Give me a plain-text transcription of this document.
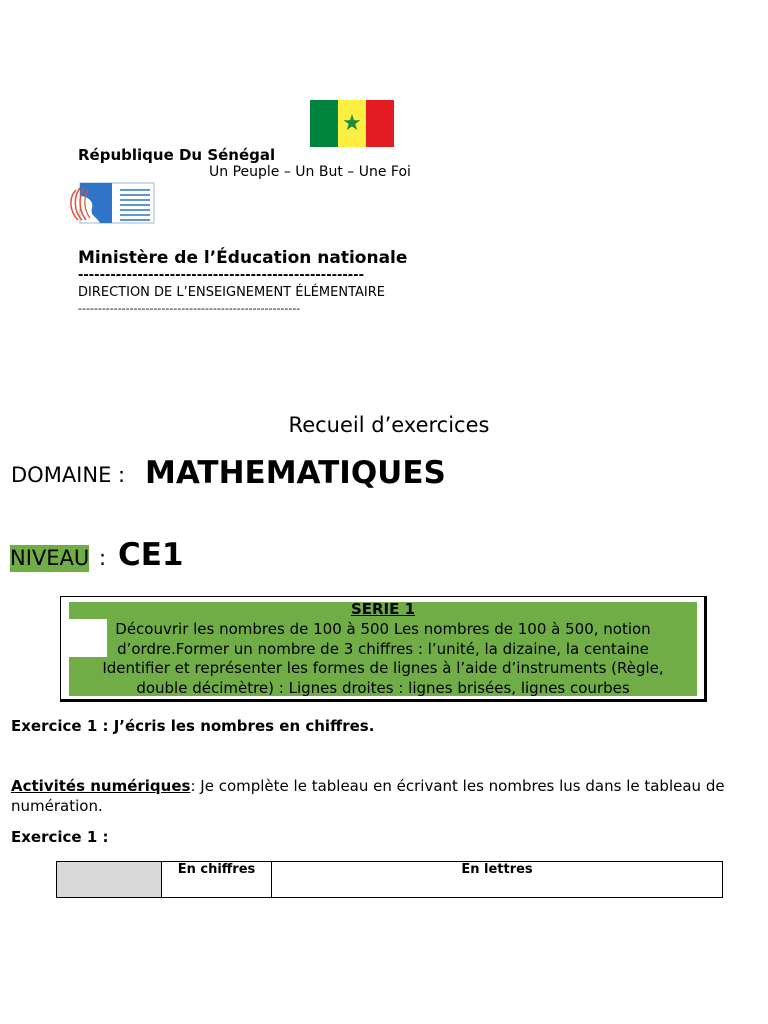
★
République Du Sénégal
Un Peuple – Un But – Une Foi
Ministère de l’Éducation nationale
-----------------------------------------------------
DIRECTION DE L’ENSEIGNEMENT ÉLÉMENTAIRE
--------------------------------------------------------
Recueil d’exercices
DOMAINE : MATHEMATIQUES
NIVEAU : CE1
SERIE 1
Découvrir les nombres de 100 à 500 Les nombres de 100 à 500, notion
d’ordre.Former un nombre de 3 chiffres : l’unité, la dizaine, la centaine
Identifier et représenter les formes de lignes à l’aide d’instruments (Règle,
double décimètre) : Lignes droites : lignes brisées, lignes courbes
Exercice 1 : J’écris les nombres en chiffres.
Activités numériques: Je complète le tableau en écrivant les nombres lus dans le tableau de numération.
Exercice 1 :
	En chiffres	En lettres
